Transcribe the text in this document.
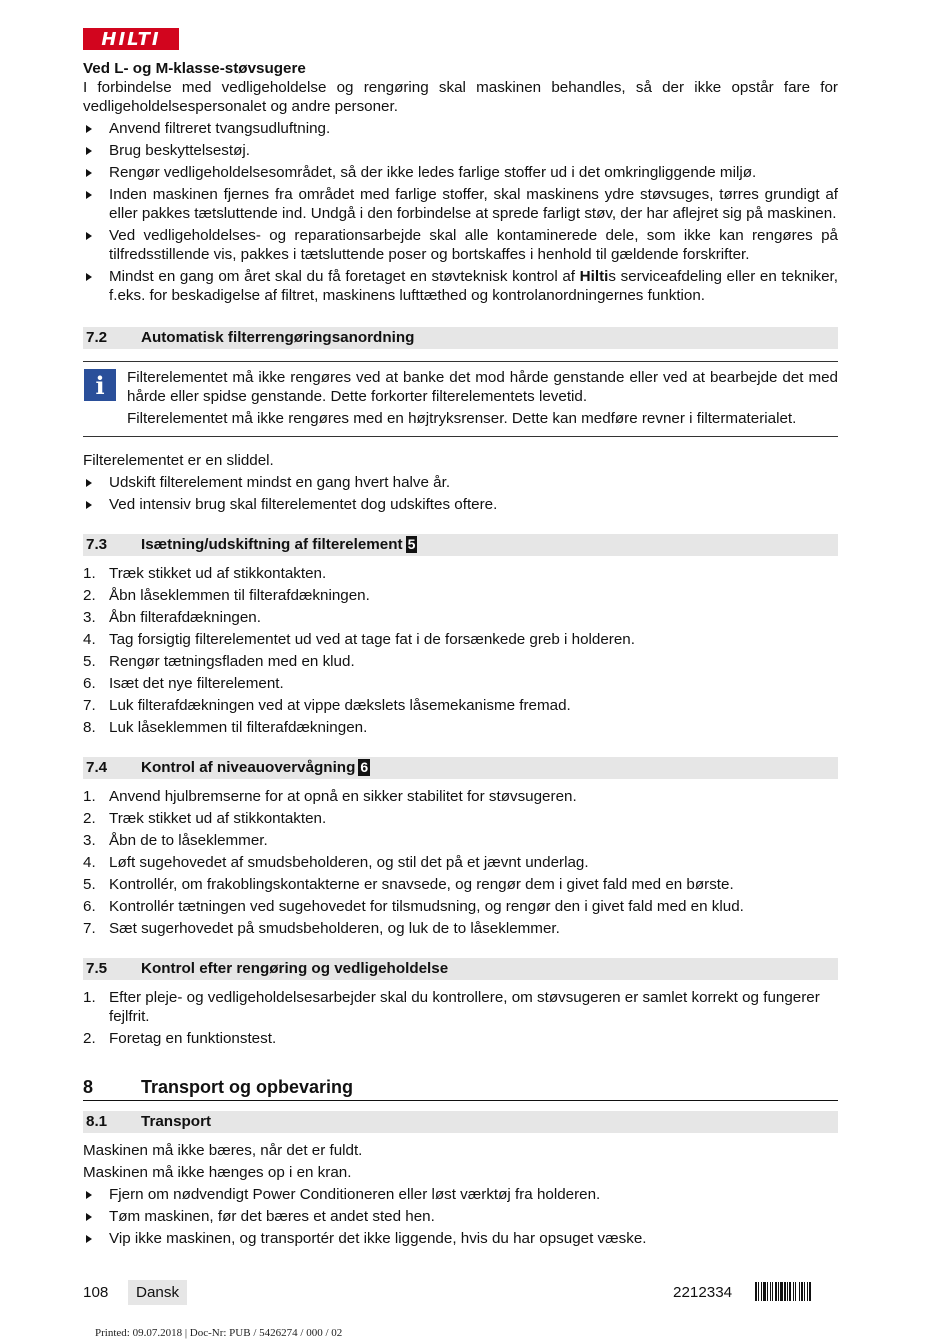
HILTI
Ved L- og M-klasse-støvsugere

I forbindelse med vedligeholdelse og rengøring skal maskinen behandles, så der ikke opstår fare for vedligeholdelsespersonalet og andre personer.

Anvend filtreret tvangsudluftning.
Brug beskyttelsestøj.
Rengør vedligeholdelsesområdet, så der ikke ledes farlige stoffer ud i det omkringliggende miljø.
Inden maskinen fjernes fra området med farlige stoffer, skal maskinens ydre støvsuges, tørres grundigt af eller pakkes tætsluttende ind. Undgå i den forbindelse at sprede farligt støv, der har aflejret sig på maskinen.
Ved vedligeholdelses- og reparationsarbejde skal alle kontaminerede dele, som ikke kan rengøres på tilfredsstillende vis, pakkes i tætsluttende poser og bortskaffes i henhold til gældende forskrifter.
Mindst en gang om året skal du få foretaget en støvteknisk kontrol af Hiltis serviceafdeling eller en tekniker, f.eks. for beskadigelse af filtret, maskinens lufttæthed og kontrolanordningernes funktion.
7.2 Automatisk filterrengøringsanordning
i Filterelementet må ikke rengøres ved at banke det mod hårde genstande eller ved at bearbejde det med hårde eller spidse genstande. Dette forkorter filterelementets levetid.

Filterelementet må ikke rengøres med en højtryksrenser. Dette kan medføre revner i filtermaterialet.

Filterelementet er en sliddel.

Udskift filterelement mindst en gang hvert halve år.
Ved intensiv brug skal filterelementet dog udskiftes oftere.
7.3 Isætning/udskiftning af filterelement 5
1. Træk stikket ud af stikkontakten.
2. Åbn låseklemmen til filterafdækningen.
3. Åbn filterafdækningen.
4. Tag forsigtig filterelementet ud ved at tage fat i de forsænkede greb i holderen.
5. Rengør tætningsfladen med en klud.
6. Isæt det nye filterelement.
7. Luk filterafdækningen ved at vippe dækslets låsemekanisme fremad.
8. Luk låseklemmen til filterafdækningen.
7.4 Kontrol af niveauovervågning 6
1. Anvend hjulbremserne for at opnå en sikker stabilitet for støvsugeren.
2. Træk stikket ud af stikkontakten.
3. Åbn de to låseklemmer.
4. Løft sugehovedet af smudsbeholderen, og stil det på et jævnt underlag.
5. Kontrollér, om frakoblingskontakterne er snavsede, og rengør dem i givet fald med en børste.
6. Kontrollér tætningen ved sugehovedet for tilsmudsning, og rengør den i givet fald med en klud.
7. Sæt sugerhovedet på smudsbeholderen, og luk de to låseklemmer.
7.5 Kontrol efter rengøring og vedligeholdelse
1. Efter pleje- og vedligeholdelsesarbejder skal du kontrollere, om støvsugeren er samlet korrekt og fungerer fejlfrit.
2. Foretag en funktionstest.
8	Transport og opbevaring
8.1 Transport

Maskinen må ikke bæres, når det er fuldt.

Maskinen må ikke hænges op i en kran.

Fjern om nødvendigt Power Conditioneren eller løst værktøj fra holderen.
Tøm maskinen, før det bæres et andet sted hen.
Vip ikke maskinen, og transportér det ikke liggende, hvis du har opsuget væske.
108	Dansk	2212334
Printed: 09.07.2018 | Doc-Nr: PUB / 5426274 / 000 / 02
